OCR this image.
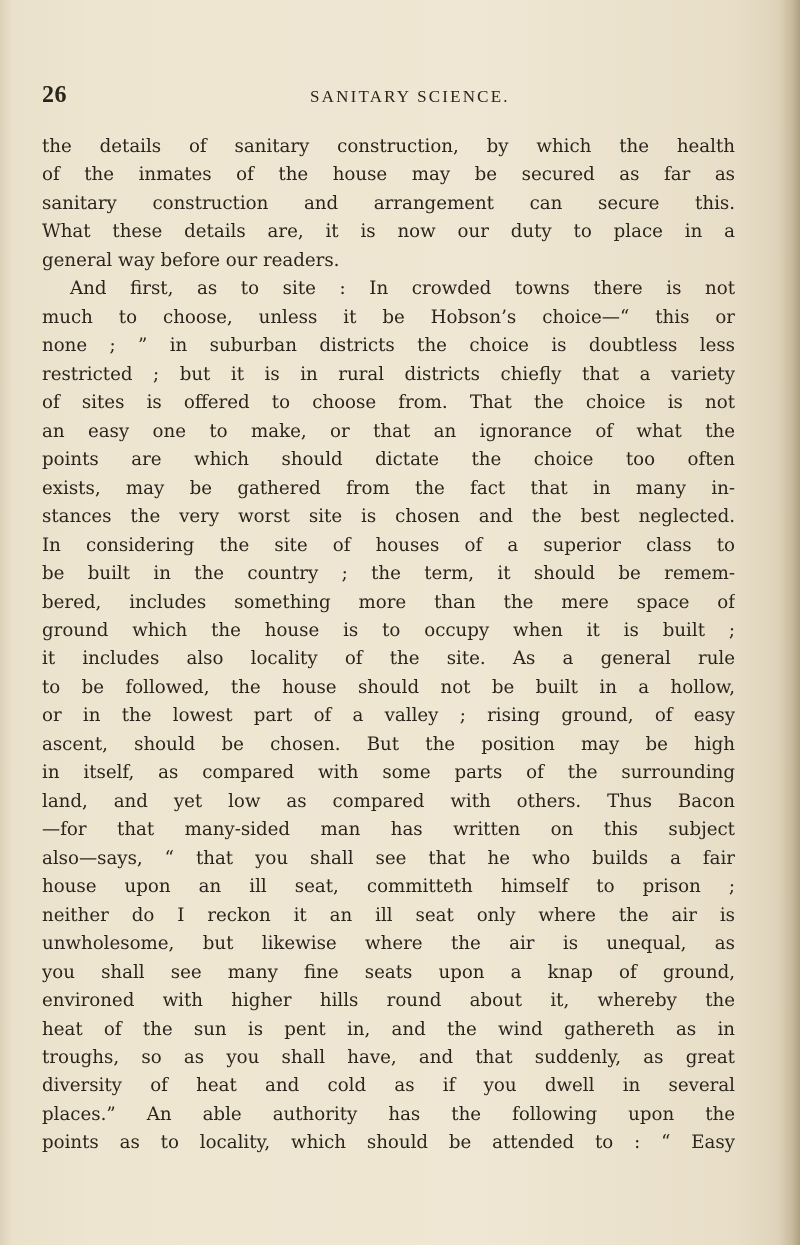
26	SANITARY SCIENCE.
the details of sanitary construction, by which the health
of the inmates of the house may be secured as far as
sanitary construction and arrangement can secure this.
What these details are, it is now our duty to place in a
general way before our readers.
And first, as to site : In crowded towns there is not
much to choose, unless it be Hobson’s choice—“ this or
none ; ” in suburban districts the choice is doubtless less
restricted ; but it is in rural districts chiefly that a variety
of sites is offered to choose from. That the choice is not
an easy one to make, or that an ignorance of what the
points are which should dictate the choice too often
exists, may be gathered from the fact that in many in-
stances the very worst site is chosen and the best neglected.
In considering the site of houses of a superior class to
be built in the country ; the term, it should be remem-
bered, includes something more than the mere space of
ground which the house is to occupy when it is built ;
it includes also locality of the site. As a general rule
to be followed, the house should not be built in a hollow,
or in the lowest part of a valley ; rising ground, of easy
ascent, should be chosen. But the position may be high
in itself, as compared with some parts of the surrounding
land, and yet low as compared with others. Thus Bacon
—for that many-sided man has written on this subject
also—says, “ that you shall see that he who builds a fair
house upon an ill seat, committeth himself to prison ;
neither do I reckon it an ill seat only where the air is
unwholesome, but likewise where the air is unequal, as
you shall see many fine seats upon a knap of ground,
environed with higher hills round about it, whereby the
heat of the sun is pent in, and the wind gathereth as in
troughs, so as you shall have, and that suddenly, as great
diversity of heat and cold as if you dwell in several
places.” An able authority has the following upon the
points as to locality, which should be attended to : “ Easy
